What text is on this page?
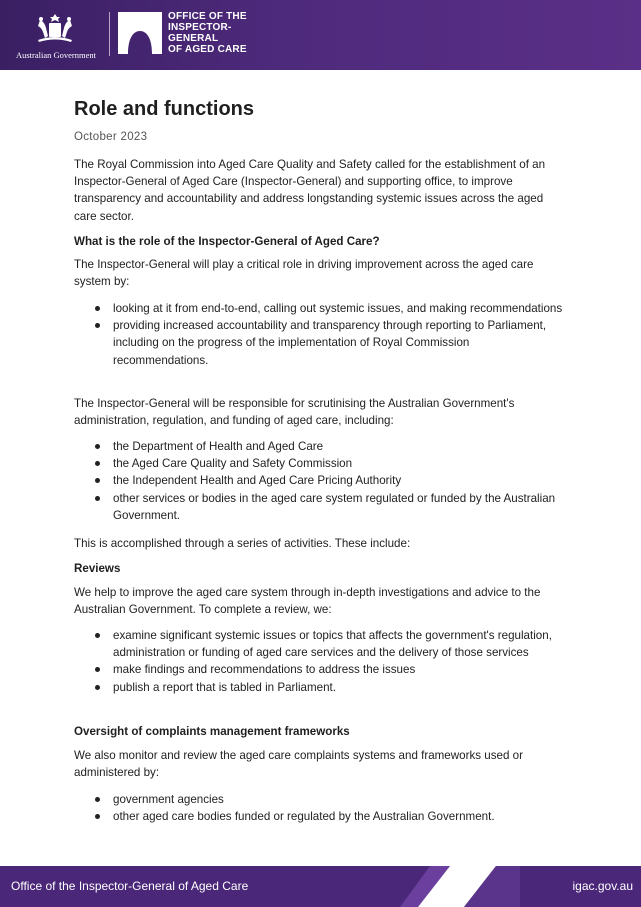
Australian Government
OFFICE OF THE
INSPECTOR-
GENERAL
OF AGED CARE
Role and functions
October 2023

The Royal Commission into Aged Care Quality and Safety called for the establishment of an Inspector-General of Aged Care (Inspector-General) and supporting office, to improve transparency and accountability and address longstanding systemic issues across the aged care sector.

What is the role of the Inspector-General of Aged Care?

The Inspector-General will play a critical role in driving improvement across the aged care system by:

looking at it from end-to-end, calling out systemic issues, and making recommendations
providing increased accountability and transparency through reporting to Parliament, including on the progress of the implementation of Royal Commission recommendations.

The Inspector-General will be responsible for scrutinising the Australian Government's administration, regulation, and funding of aged care, including:

the Department of Health and Aged Care
the Aged Care Quality and Safety Commission
the Independent Health and Aged Care Pricing Authority
other services or bodies in the aged care system regulated or funded by the Australian Government.

This is accomplished through a series of activities. These include:

Reviews

We help to improve the aged care system through in-depth investigations and advice to the Australian Government. To complete a review, we:

examine significant systemic issues or topics that affects the government's regulation, administration or funding of aged care services and the delivery of those services
make findings and recommendations to address the issues
publish a report that is tabled in Parliament.
Oversight of complaints management frameworks

We also monitor and review the aged care complaints systems and frameworks used or administered by:

government agencies
other aged care bodies funded or regulated by the Australian Government.
Office of the Inspector-General of Aged Care	igac.gov.au
